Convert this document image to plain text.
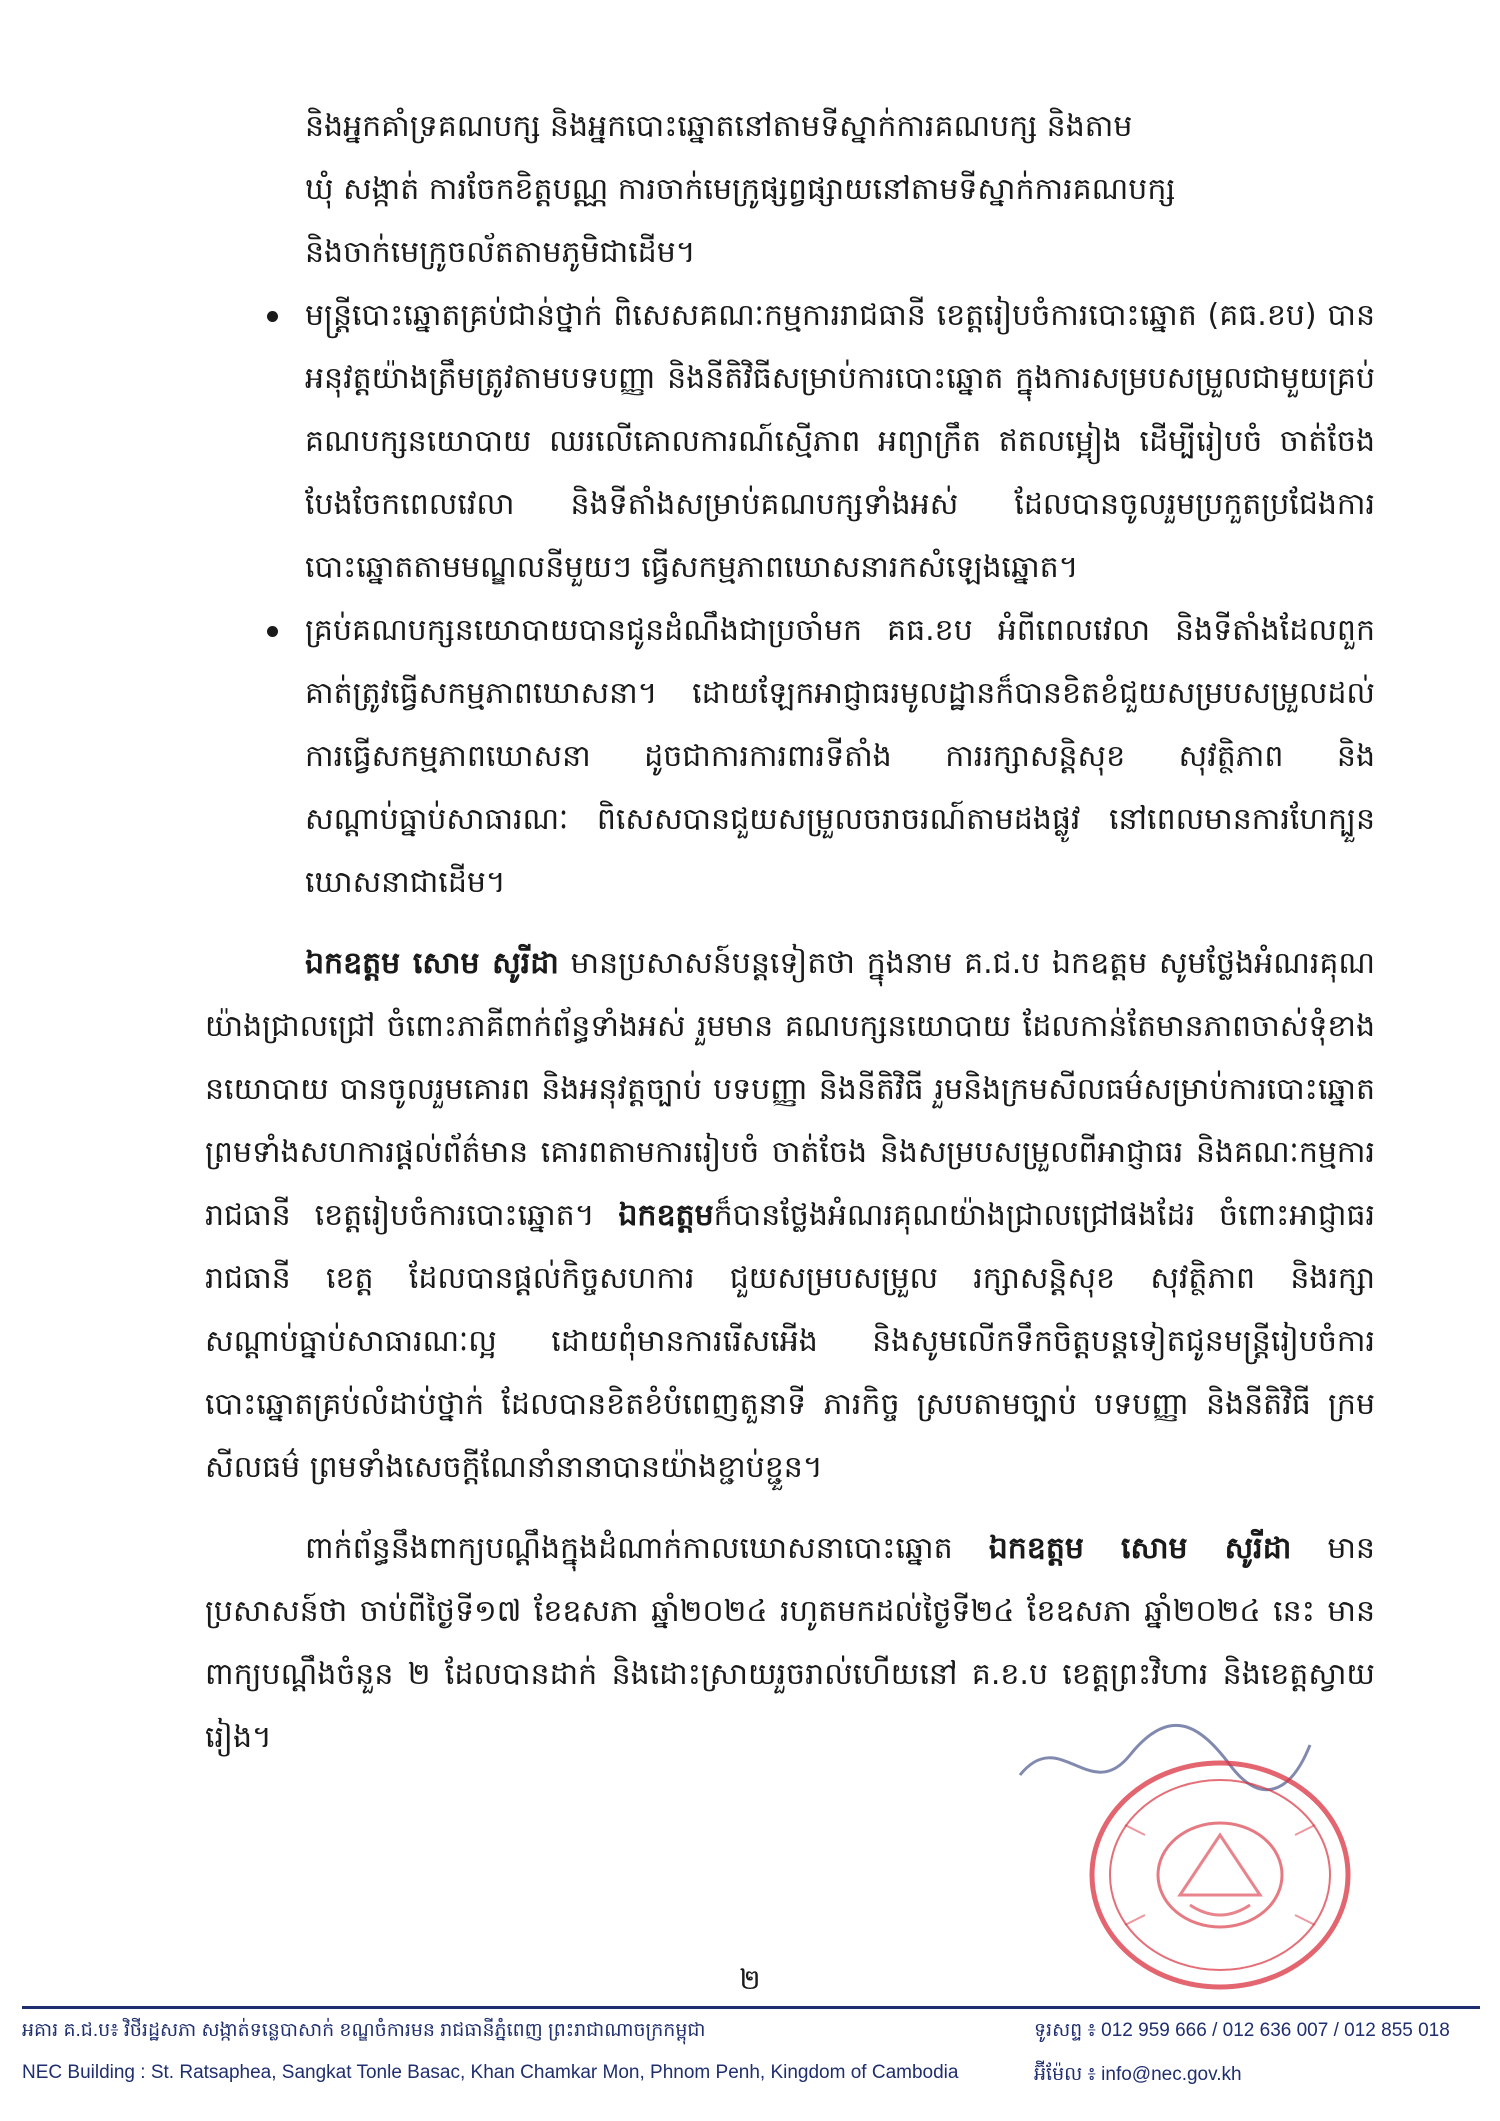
និងអ្នកគាំទ្រគណបក្ស និងអ្នកបោះឆ្នោតនៅតាមទីស្នាក់ការគណបក្ស និងតាម
ឃុំ សង្កាត់ ការចែកខិត្តបណ្ណ ការចាក់មេក្រូផ្សព្វផ្សាយនៅតាមទីស្នាក់ការគណបក្ស
និងចាក់មេក្រូចល័តតាមភូមិជាដើម។
មន្ត្រីបោះឆ្នោតគ្រប់ជាន់ថ្នាក់ ពិសេសគណៈកម្មការរាជធានី ខេត្តរៀបចំការបោះឆ្នោត (គធ.ខប) បានអនុវត្តយ៉ាងត្រឹមត្រូវតាមបទបញ្ញា និងនីតិវិធីសម្រាប់ការបោះឆ្នោត ក្នុងការសម្របសម្រួលជាមួយគ្រប់គណបក្សនយោបាយ ឈរលើគោលការណ៍ស្មើភាព អព្យាក្រឹត ឥតលម្អៀង ដើម្បីរៀបចំ ចាត់ចែង បែងចែកពេលវេលា និងទីតាំងសម្រាប់គណបក្សទាំងអស់ ដែលបានចូលរួមប្រកួតប្រជែងការបោះឆ្នោតតាមមណ្ឌលនីមួយៗ ធ្វើសកម្មភាពឃោសនារកសំឡេងឆ្នោត។
គ្រប់គណបក្សនយោបាយបានជូនដំណឹងជាប្រចាំមក គធ.ខប អំពីពេលវេលា និងទីតាំងដែលពួកគាត់ត្រូវធ្វើសកម្មភាពឃោសនា។ ដោយឡែកអាជ្ញាធរមូលដ្ឋានក៏បានខិតខំជួយសម្របសម្រួលដល់ការធ្វើសកម្មភាពឃោសនា ដូចជាការការពារទីតាំង ការរក្សាសន្តិសុខ សុវត្ថិភាព និងសណ្តាប់ធ្នាប់សាធារណៈ ពិសេសបានជួយសម្រួលចរាចរណ៍តាមដងផ្លូវ នៅពេលមានការហែក្បួនឃោសនាជាដើម។
ឯកឧត្តម សោម សូរីដា មានប្រសាសន៍បន្តទៀតថា ក្នុងនាម គ.ជ.ប ឯកឧត្តម សូមថ្លែងអំណរគុណយ៉ាងជ្រាលជ្រៅ ចំពោះភាគីពាក់ព័ន្ធទាំងអស់ រួមមាន គណបក្សនយោបាយ ដែលកាន់តែមានភាពចាស់ទុំខាងនយោបាយ បានចូលរួមគោរព និងអនុវត្តច្បាប់ បទបញ្ញា និងនីតិវិធី រួមនិងក្រមសីលធម៌សម្រាប់ការបោះឆ្នោត ព្រមទាំងសហការផ្តល់ព័ត៌មាន គោរពតាមការរៀបចំ ចាត់ចែង និងសម្របសម្រួលពីអាជ្ញាធរ និងគណៈកម្មការរាជធានី ខេត្តរៀបចំការបោះឆ្នោត។ ឯកឧត្តមក៏បានថ្លែងអំណរគុណយ៉ាងជ្រាលជ្រៅផងដែរ ចំពោះអាជ្ញាធររាជធានី ខេត្ត ដែលបានផ្តល់កិច្ចសហការ ជួយសម្របសម្រួល រក្សាសន្តិសុខ សុវត្ថិភាព និងរក្សាសណ្តាប់ធ្នាប់សាធារណៈល្អ ដោយពុំមានការរើសអើង និងសូមលើកទឹកចិត្តបន្តទៀតជូនមន្ត្រីរៀបចំការបោះឆ្នោតគ្រប់លំដាប់ថ្នាក់ ដែលបានខិតខំបំពេញតួនាទី ភារកិច្ច ស្របតាមច្បាប់ បទបញ្ញា និងនីតិវិធី ក្រមសីលធម៌ ព្រមទាំងសេចក្តីណែនាំនានាបានយ៉ាងខ្ជាប់ខ្ជួន។
ពាក់ព័ន្ធនឹងពាក្យបណ្តឹងក្នុងដំណាក់កាលឃោសនាបោះឆ្នោត ឯកឧត្តម សោម សូរីដា មានប្រសាសន៍ថា ចាប់ពីថ្ងៃទី១៧ ខែឧសភា ឆ្នាំ២០២៤ រហូតមកដល់ថ្ងៃទី២៤ ខែឧសភា ឆ្នាំ២០២៤ នេះ មានពាក្យបណ្តឹងចំនួន ២ ដែលបានដាក់ និងដោះស្រាយរួចរាល់ហើយនៅ គ.ខ.ប ខេត្តព្រះវិហារ និងខេត្តស្វាយរៀង។
២
អគារ គ.ជ.ប៖ វិថីរដ្ឋសភា សង្កាត់ទន្លេបាសាក់ ខណ្ឌចំការមន រាជធានីភ្នំពេញ ព្រះរាជាណាចក្រកម្ពុជា	ទូរសព្ទ ៖ 012 959 666 / 012 636 007 / 012 855 018
NEC Building : St. Ratsaphea, Sangkat Tonle Basac, Khan Chamkar Mon, Phnom Penh, Kingdom of Cambodia	អ៊ីម៉ែល ៖ info@nec.gov.kh
